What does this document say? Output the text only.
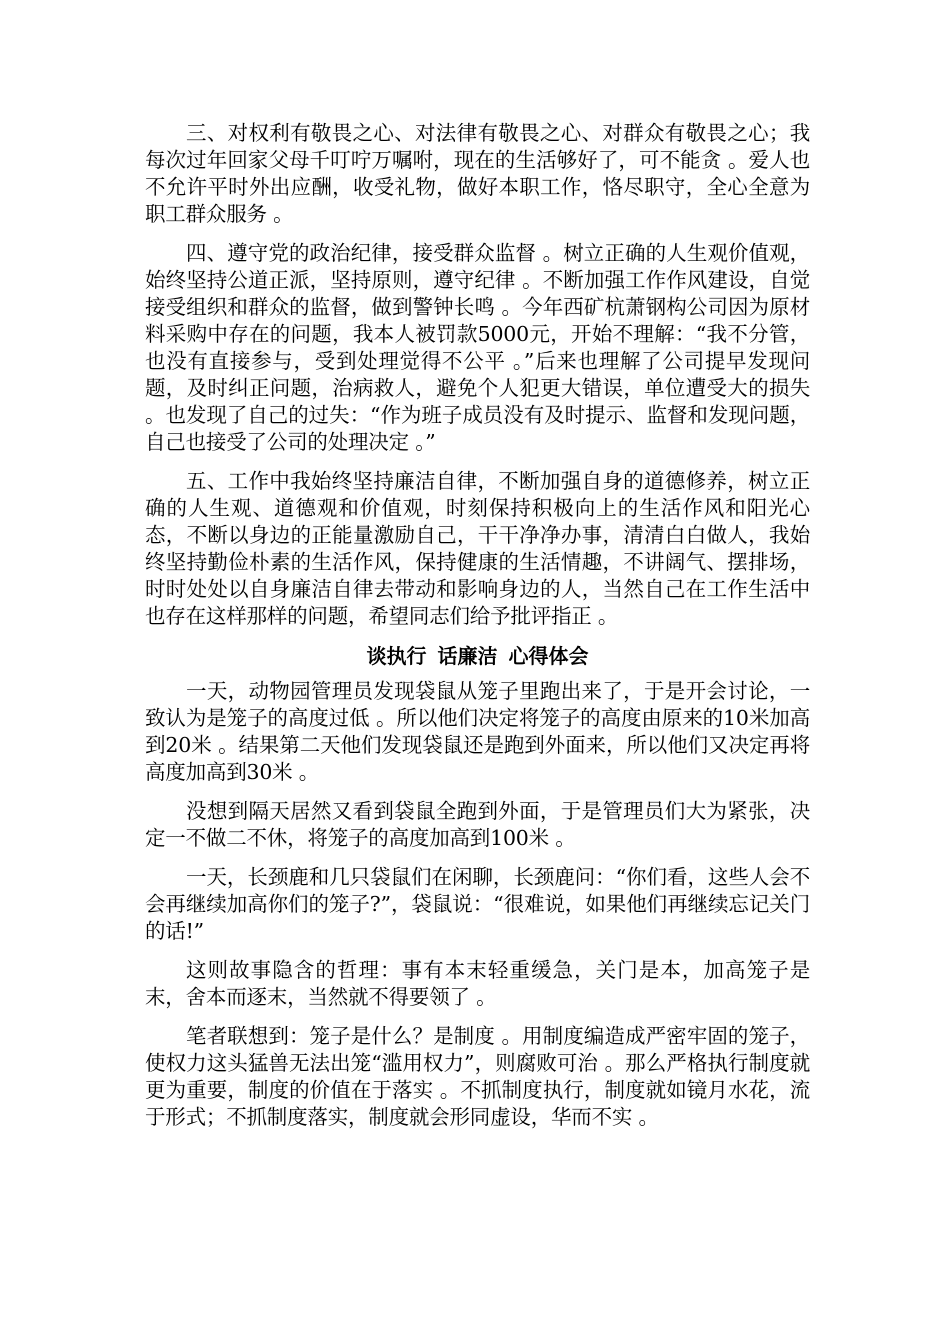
三、对权利有敬畏之心、对法律有敬畏之心、对群众有敬畏之心；我每次过年回家父母千叮咛万嘱咐，现在的生活够好了，可不能贪 。爱人也不允许平时外出应酬，收受礼物，做好本职工作，恪尽职守，全心全意为职工群众服务 。

四、遵守党的政治纪律，接受群众监督 。树立正确的人生观价值观，始终坚持公道正派，坚持原则，遵守纪律 。不断加强工作作风建设，自觉接受组织和群众的监督，做到警钟长鸣 。今年西矿杭萧钢构公司因为原材料采购中存在的问题，我本人被罚款5000元，开始不理解：“我不分管，也没有直接参与，受到处理觉得不公平 。”后来也理解了公司提早发现问题，及时纠正问题，治病救人，避免个人犯更大错误，单位遭受大的损失 。也发现了自己的过失：“作为班子成员没有及时提示、监督和发现问题，自己也接受了公司的处理决定 。”

五、工作中我始终坚持廉洁自律，不断加强自身的道德修养，树立正确的人生观、道德观和价值观，时刻保持积极向上的生活作风和阳光心态，不断以身边的正能量激励自己，干干净净办事，清清白白做人，我始终坚持勤俭朴素的生活作风，保持健康的生活情趣，不讲阔气、摆排场，时时处处以自身廉洁自律去带动和影响身边的人，当然自己在工作生活中也存在这样那样的问题，希望同志们给予批评指正 。

谈执行 话廉洁 心得体会

一天，动物园管理员发现袋鼠从笼子里跑出来了，于是开会讨论，一致认为是笼子的高度过低 。所以他们决定将笼子的高度由原来的10米加高到20米 。结果第二天他们发现袋鼠还是跑到外面来，所以他们又决定再将高度加高到30米 。

没想到隔天居然又看到袋鼠全跑到外面，于是管理员们大为紧张，决定一不做二不休，将笼子的高度加高到100米 。

一天，长颈鹿和几只袋鼠们在闲聊，长颈鹿问：“你们看，这些人会不会再继续加高你们的笼子?”，袋鼠说：“很难说，如果他们再继续忘记关门的话!”

这则故事隐含的哲理：事有本末轻重缓急，关门是本，加高笼子是末，舍本而逐末，当然就不得要领了 。

笔者联想到：笼子是什么？是制度 。用制度编造成严密牢固的笼子，使权力这头猛兽无法出笼“滥用权力”，则腐败可治 。那么严格执行制度就更为重要，制度的价值在于落实 。不抓制度执行，制度就如镜月水花，流于形式；不抓制度落实，制度就会形同虚设，华而不实 。
